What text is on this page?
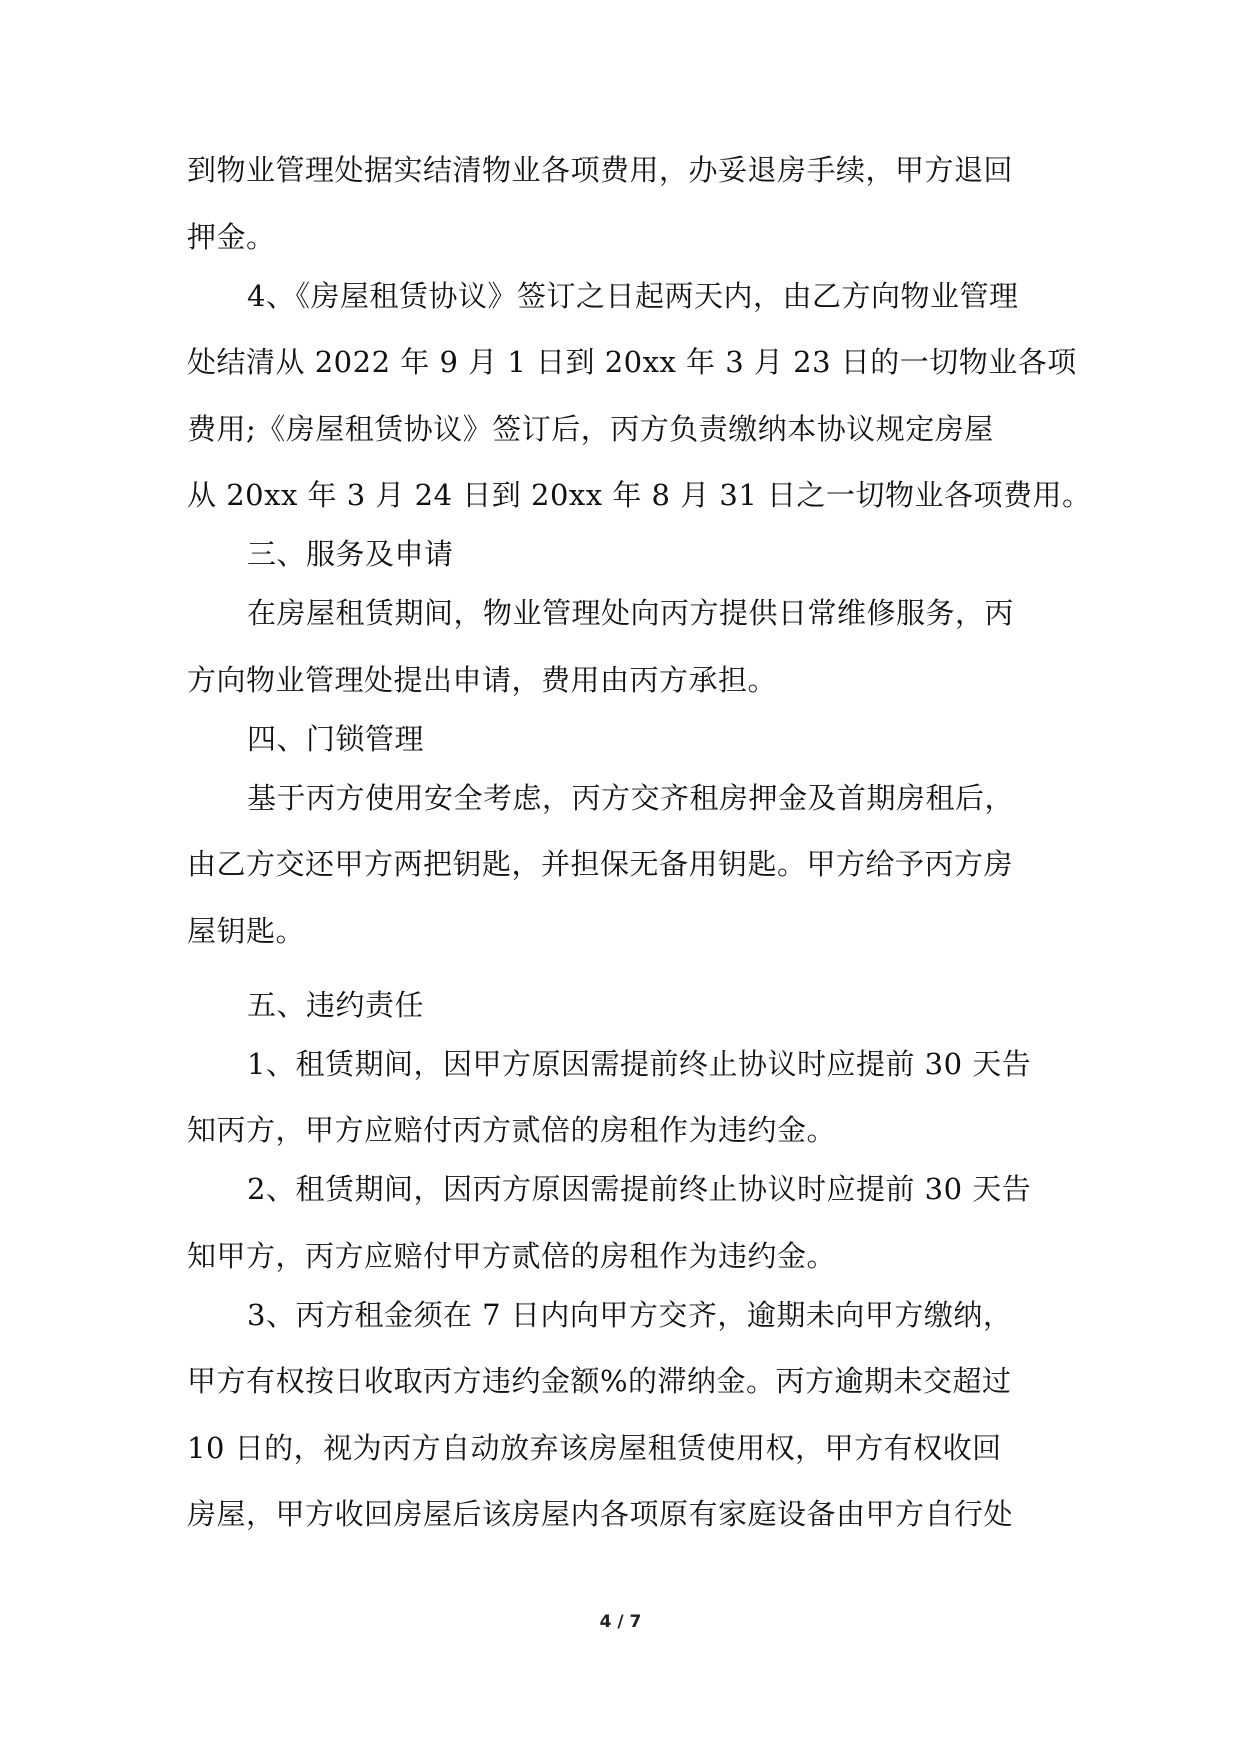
到物业管理处据实结清物业各项费用，办妥退房手续，甲方退回
押金。
4、《房屋租赁协议》签订之日起两天内，由乙方向物业管理
处结清从 2022 年 9 月 1 日到 20xx 年 3 月 23 日的一切物业各项
费用;《房屋租赁协议》签订后，丙方负责缴纳本协议规定房屋
从 20xx 年 3 月 24 日到 20xx 年 8 月 31 日之一切物业各项费用。
三、服务及申请
在房屋租赁期间，物业管理处向丙方提供日常维修服务，丙
方向物业管理处提出申请，费用由丙方承担。
四、门锁管理
基于丙方使用安全考虑，丙方交齐租房押金及首期房租后，
由乙方交还甲方两把钥匙，并担保无备用钥匙。甲方给予丙方房
屋钥匙。
五、违约责任
1、租赁期间，因甲方原因需提前终止协议时应提前 30 天告
知丙方，甲方应赔付丙方贰倍的房租作为违约金。
2、租赁期间，因丙方原因需提前终止协议时应提前 30 天告
知甲方，丙方应赔付甲方贰倍的房租作为违约金。
3、丙方租金须在 7 日内向甲方交齐，逾期未向甲方缴纳，
甲方有权按日收取丙方违约金额%的滞纳金。丙方逾期未交超过
10 日的，视为丙方自动放弃该房屋租赁使用权，甲方有权收回
房屋，甲方收回房屋后该房屋内各项原有家庭设备由甲方自行处
4 / 7
